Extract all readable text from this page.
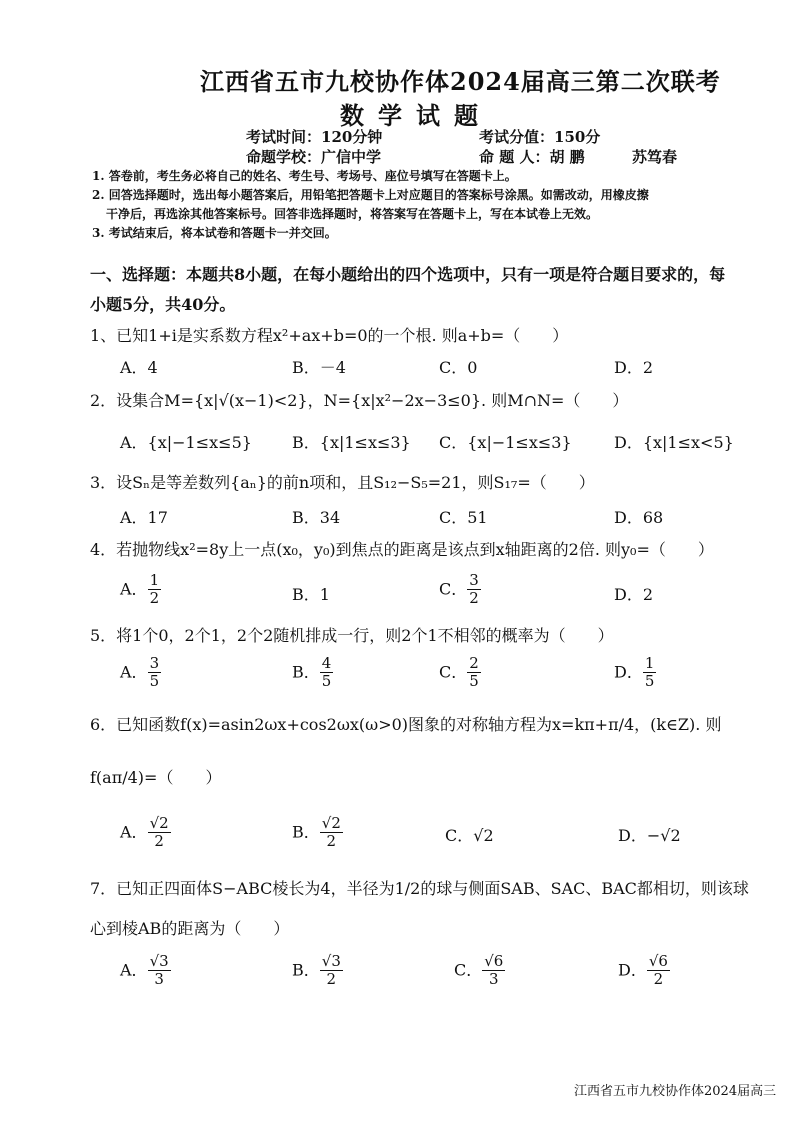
江西省五市九校协作体2024届高三第二次联考
数学试题
考试时间：120分钟	考试分值：150分
命题学校：广信中学	命 题 人：胡 鹏	苏笃春
1. 答卷前，考生务必将自己的姓名、考生号、考场号、座位号填写在答题卡上。
2. 回答选择题时，选出每小题答案后，用铅笔把答题卡上对应题目的答案标号涂黑。如需改动，用橡皮擦
干净后，再选涂其他答案标号。回答非选择题时，将答案写在答题卡上，写在本试卷上无效。
3. 考试结束后，将本试卷和答题卡一并交回。
一、选择题：本题共8小题，在每小题给出的四个选项中，只有一项是符合题目要求的，每
小题5分，共40分。
1、已知1+i是实系数方程x²+ax+b=0的一个根. 则a+b=（　　）
A．4	B．－4	C．0	D．2
2．设集合M={x|√(x−1)<2}，N={x|x²−2x−3≤0}. 则M∩N=（　　）
A．{x|−1≤x≤5}	B．{x|1≤x≤3} C．{x|−1≤x≤3}	D．{x|1≤x<5}
3．设Sₙ是等差数列{aₙ}的前n项和，且S₁₂−S₅=21，则S₁₇=（　　）
A．17	B．34	C．51	D．68
4．若抛物线x²=8y上一点(x₀，y₀)到焦点的距离是该点到x轴距离的2倍. 则y₀=（　　）
A． $\frac{1}{2}$	B．1	C． $\frac{3}{2}$	D．2
5．将1个0，2个1，2个2随机排成一行，则2个1不相邻的概率为（　　）
A． $\frac{3}{5}$	B． $\frac{4}{5}$	C． $\frac{2}{5}$	D． $\frac{1}{5}$
6．已知函数f(x)=asin2ωx+cos2ωx(ω>0)图象的对称轴方程为x=kπ+π/4，(k∈Z). 则
f(aπ/4)=（　　）
A． $\frac{√2}{2}$	B． $\frac{√2}{2}$	C．√2	D．−√2
7．已知正四面体S−ABC棱长为4，半径为1/2的球与侧面SAB、SAC、BAC都相切，则该球
心到棱AB的距离为（　　）
A． $\frac{√3}{3}$	B． $\frac{√3}{2}$	C． $\frac{√6}{3}$	D． $\frac{√6}{2}$
江西省五市九校协作体2024届高三
